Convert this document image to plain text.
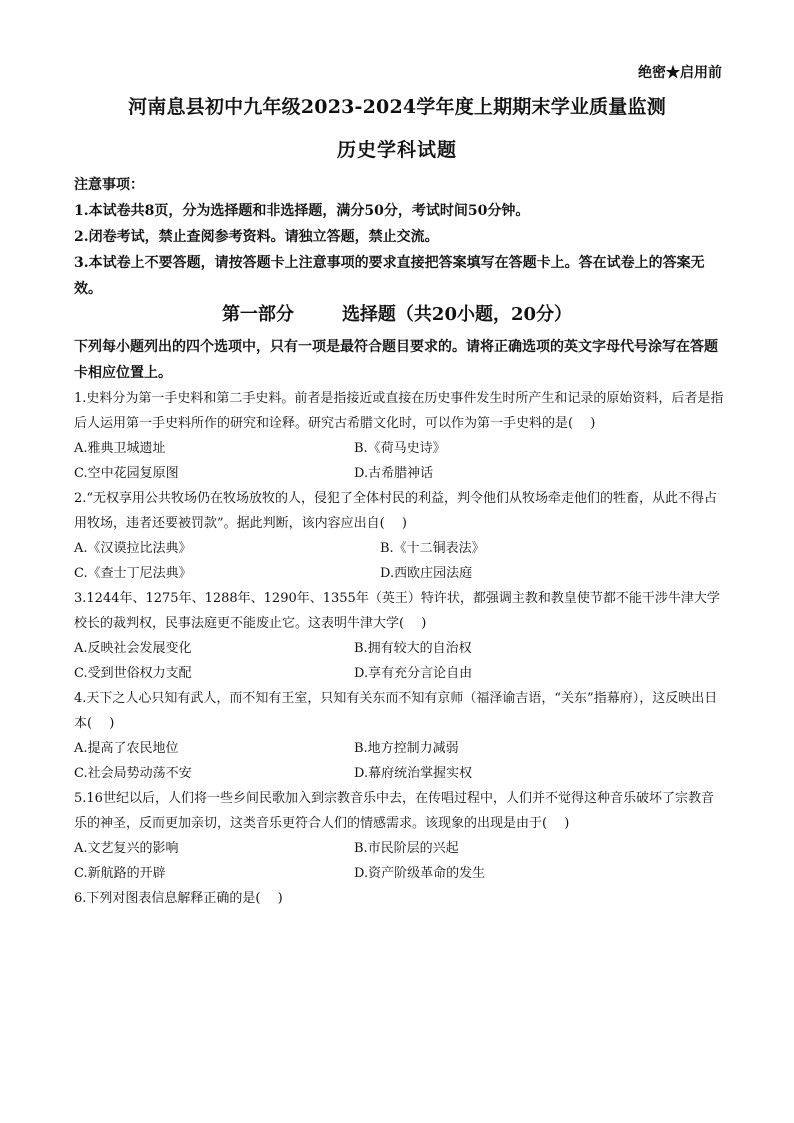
绝密★启用前
河南息县初中九年级2023-2024学年度上期期末学业质量监测
历史学科试题

注意事项：

1.本试卷共8页，分为选择题和非选择题，满分50分，考试时间50分钟。

2.闭卷考试，禁止查阅参考资料。请独立答题，禁止交流。

3.本试卷上不要答题，请按答题卡上注意事项的要求直接把答案填写在答题卡上。答在试卷上的答案无效。

第一部分	选择题（共20小题，20分）
下列每小题列出的四个选项中，只有一项是最符合题目要求的。请将正确选项的英文字母代号涂写在答题卡相应位置上。

1.史料分为第一手史料和第二手史料。前者是指接近或直接在历史事件发生时所产生和记录的原始资料，后者是指后人运用第一手史料所作的研究和诠释。研究古希腊文化时，可以作为第一手史料的是(　 )

A.雅典卫城遗址	B.《荷马史诗》
C.空中花园复原图	D.古希腊神话

2.“无权享用公共牧场仍在牧场放牧的人，侵犯了全体村民的利益，判令他们从牧场牵走他们的牲畜，从此不得占用牧场，违者还要被罚款”。据此判断，该内容应出自(　 )

A.《汉谟拉比法典》	B.《十二铜表法》
C.《查士丁尼法典》	D.西欧庄园法庭

3.1244年、1275年、1288年、1290年、1355年（英王）特许状，都强调主教和教皇使节都不能干涉牛津大学校长的裁判权，民事法庭更不能废止它。这表明牛津大学(　 )

A.反映社会发展变化	B.拥有较大的自治权
C.受到世俗权力支配	D.享有充分言论自由

4.天下之人心只知有武人，而不知有王室，只知有关东而不知有京师（福泽谕吉语，“关东”指幕府），这反映出日本(　 )

A.提高了农民地位	B.地方控制力减弱
C.社会局势动荡不安	D.幕府统治掌握实权

5.16世纪以后，人们将一些乡间民歌加入到宗教音乐中去，在传唱过程中，人们并不觉得这种音乐破坏了宗教音乐的神圣，反而更加亲切，这类音乐更符合人们的情感需求。该现象的出现是由于(　 )

A.文艺复兴的影响	B.市民阶层的兴起
C.新航路的开辟	D.资产阶级革命的发生

6.下列对图表信息解释正确的是(　 )
